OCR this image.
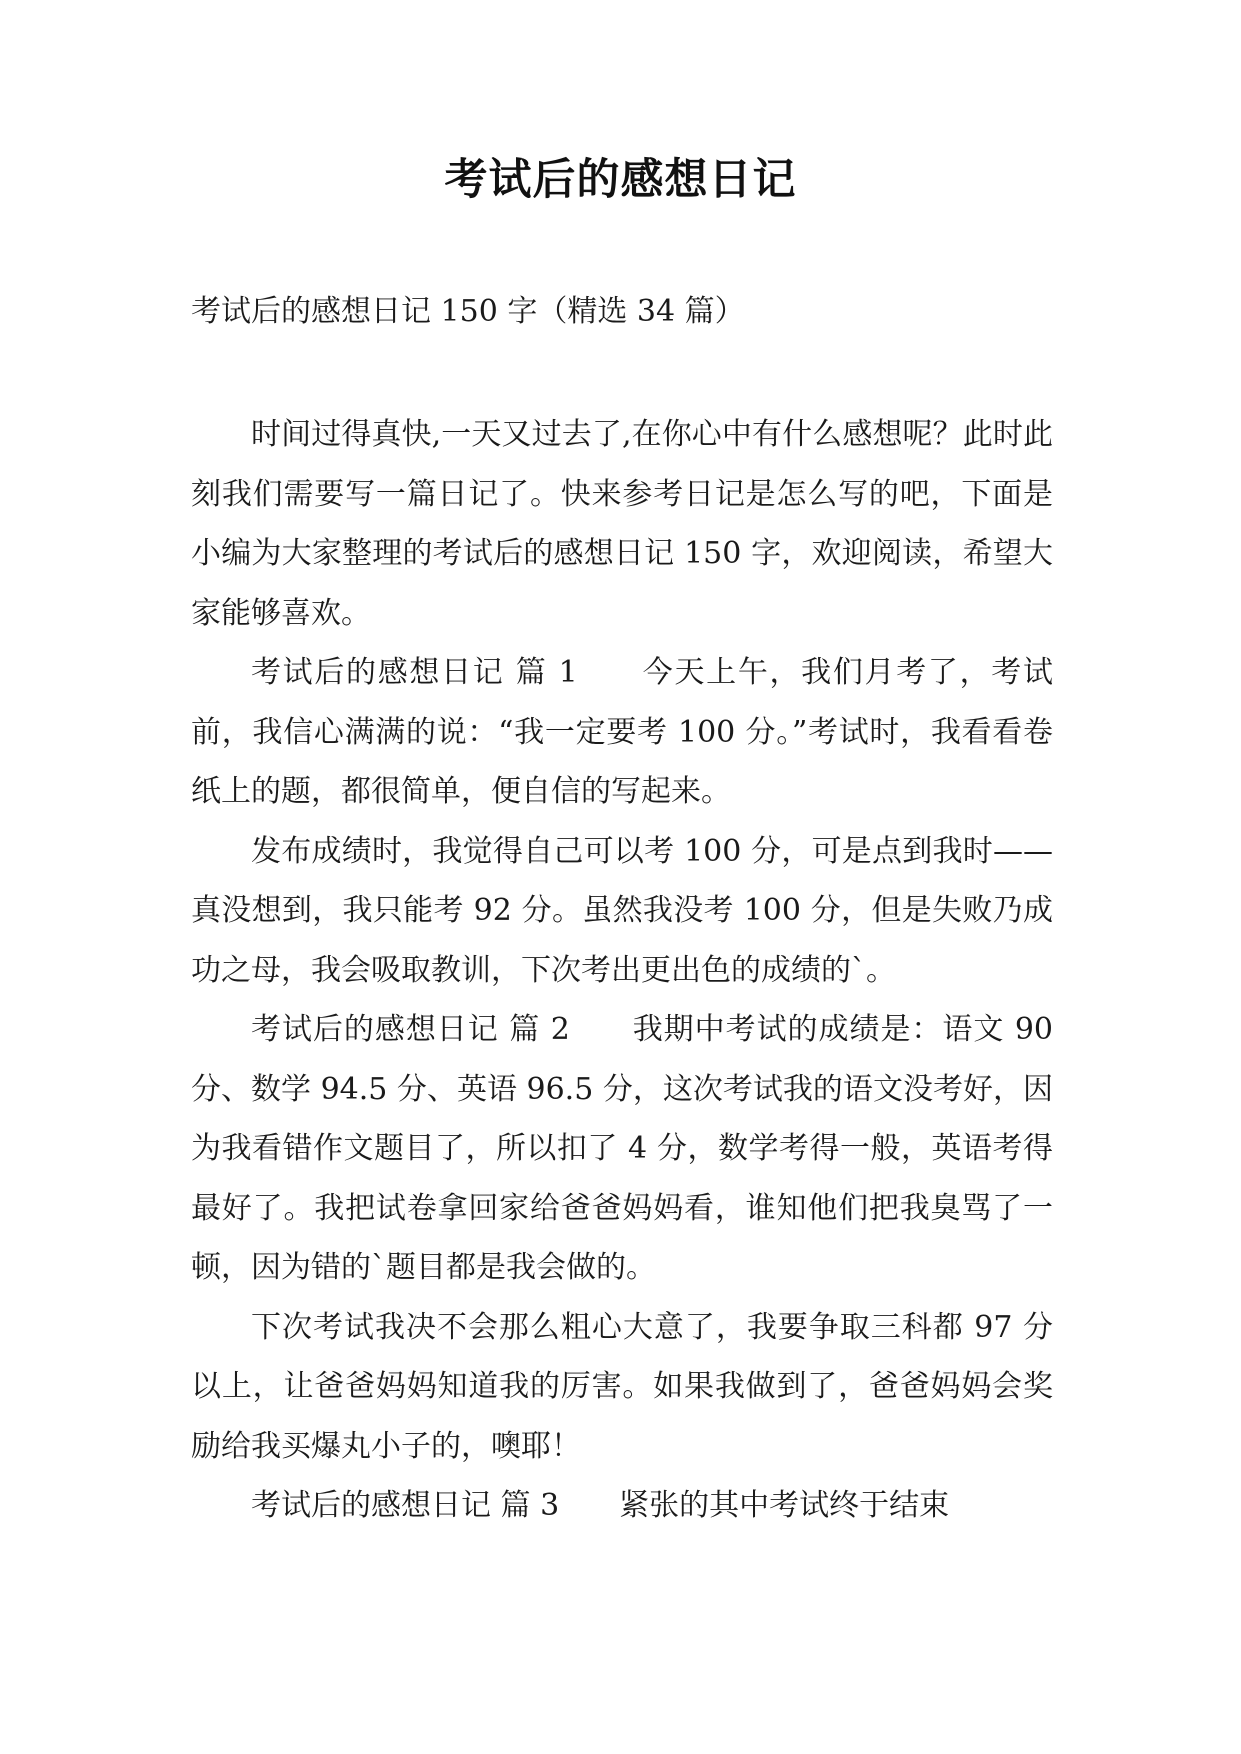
考试后的感想日记
考试后的感想日记 150 字（精选 34 篇）

时间过得真快,一天又过去了,在你心中有什么感想呢？此时此刻我们需要写一篇日记了。快来参考日记是怎么写的吧，下面是小编为大家整理的考试后的感想日记 150 字，欢迎阅读，希望大家能够喜欢。

考试后的感想日记 篇 1　　今天上午，我们月考了，考试前，我信心满满的说：“我一定要考 100 分。”考试时，我看看卷纸上的题，都很简单，便自信的写起来。

发布成绩时，我觉得自己可以考 100 分，可是点到我时——真没想到，我只能考 92 分。虽然我没考 100 分，但是失败乃成功之母，我会吸取教训，下次考出更出色的成绩的`。

考试后的感想日记 篇 2　　我期中考试的成绩是：语文 90 分、数学 94.5 分、英语 96.5 分，这次考试我的语文没考好，因为我看错作文题目了，所以扣了 4 分，数学考得一般，英语考得最好了。我把试卷拿回家给爸爸妈妈看，谁知他们把我臭骂了一顿，因为错的`题目都是我会做的。

下次考试我决不会那么粗心大意了，我要争取三科都 97 分以上，让爸爸妈妈知道我的厉害。如果我做到了，爸爸妈妈会奖励给我买爆丸小子的，噢耶！

考试后的感想日记 篇 3　　紧张的其中考试终于结束
